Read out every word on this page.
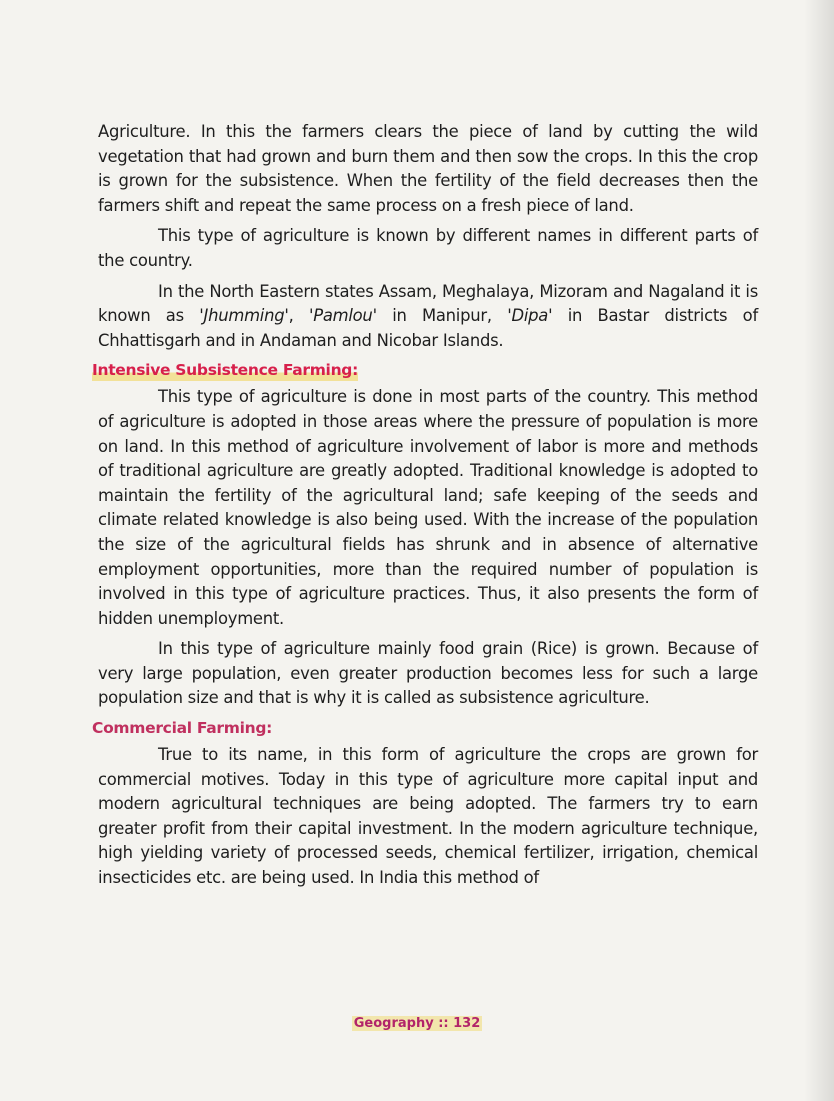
Agriculture. In this the farmers clears the piece of land by cutting the wild vegetation that had grown and burn them and then sow the crops. In this the crop is grown for the subsistence. When the fertility of the field decreases then the farmers shift and repeat the same process on a fresh piece of land.

This type of agriculture is known by different names in different parts of the country.

In the North Eastern states Assam, Meghalaya, Mizoram and Nagaland it is known as 'Jhumming', 'Pamlou' in Manipur, 'Dipa' in Bastar districts of Chhattisgarh and in Andaman and Nicobar Islands.

Intensive Subsistence Farming:

This type of agriculture is done in most parts of the country. This method of agriculture is adopted in those areas where the pressure of population is more on land. In this method of agriculture involvement of labor is more and methods of traditional agriculture are greatly adopted. Traditional knowledge is adopted to maintain the fertility of the agricultural land; safe keeping of the seeds and climate related knowledge is also being used. With the increase of the population the size of the agricultural fields has shrunk and in absence of alternative employment opportunities, more than the required number of population is involved in this type of agriculture practices. Thus, it also presents the form of hidden unemployment.

In this type of agriculture mainly food grain (Rice) is grown. Because of very large population, even greater production becomes less for such a large population size and that is why it is called as subsistence agriculture.

Commercial Farming:

True to its name, in this form of agriculture the crops are grown for commercial motives. Today in this type of agriculture more capital input and modern agricultural techniques are being adopted. The farmers try to earn greater profit from their capital investment. In the modern agriculture technique, high yielding variety of processed seeds, chemical fertilizer, irrigation, chemical insecticides etc. are being used. In India this method of

Geography :: 132
